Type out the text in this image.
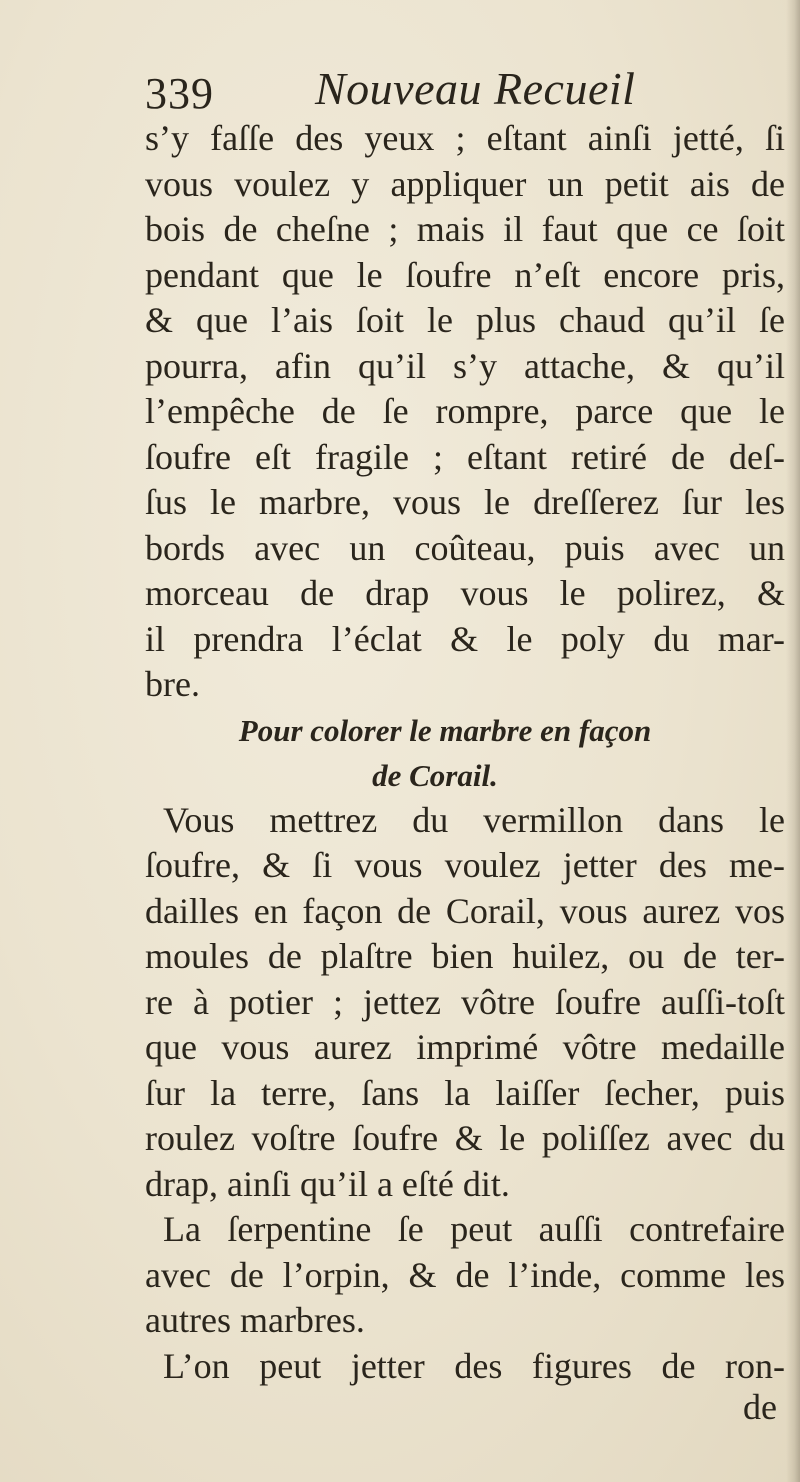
339 Nouveau Recueil
s’y faſſe des yeux ; eſtant ainſi jetté, ſi
vous voulez y appliquer un petit ais de
bois de cheſne ; mais il faut que ce ſoit
pendant que le ſoufre n’eſt encore pris,
& que l’ais ſoit le plus chaud qu’il ſe
pourra, afin qu’il s’y attache, & qu’il
l’empêche de ſe rompre, parce que le
ſoufre eſt fragile ; eſtant retiré de deſ-
ſus le marbre, vous le dreſſerez ſur les
bords avec un coûteau, puis avec un
morceau de drap vous le polirez, &
il prendra l’éclat & le poly du mar-
bre.
Pour colorer le marbre en façon
de Corail.
Vous mettrez du vermillon dans le
ſoufre, & ſi vous voulez jetter des me-
dailles en façon de Corail, vous aurez vos
moules de plaſtre bien huilez, ou de ter-
re à potier ; jettez vôtre ſoufre auſſi-toſt
que vous aurez imprimé vôtre medaille
ſur la terre, ſans la laiſſer ſecher, puis
roulez voſtre ſoufre & le poliſſez avec du
drap, ainſi qu’il a eſté dit.
La ſerpentine ſe peut auſſi contrefaire
avec de l’orpin, & de l’inde, comme les
autres marbres.
L’on peut jetter des figures de ron-
de
